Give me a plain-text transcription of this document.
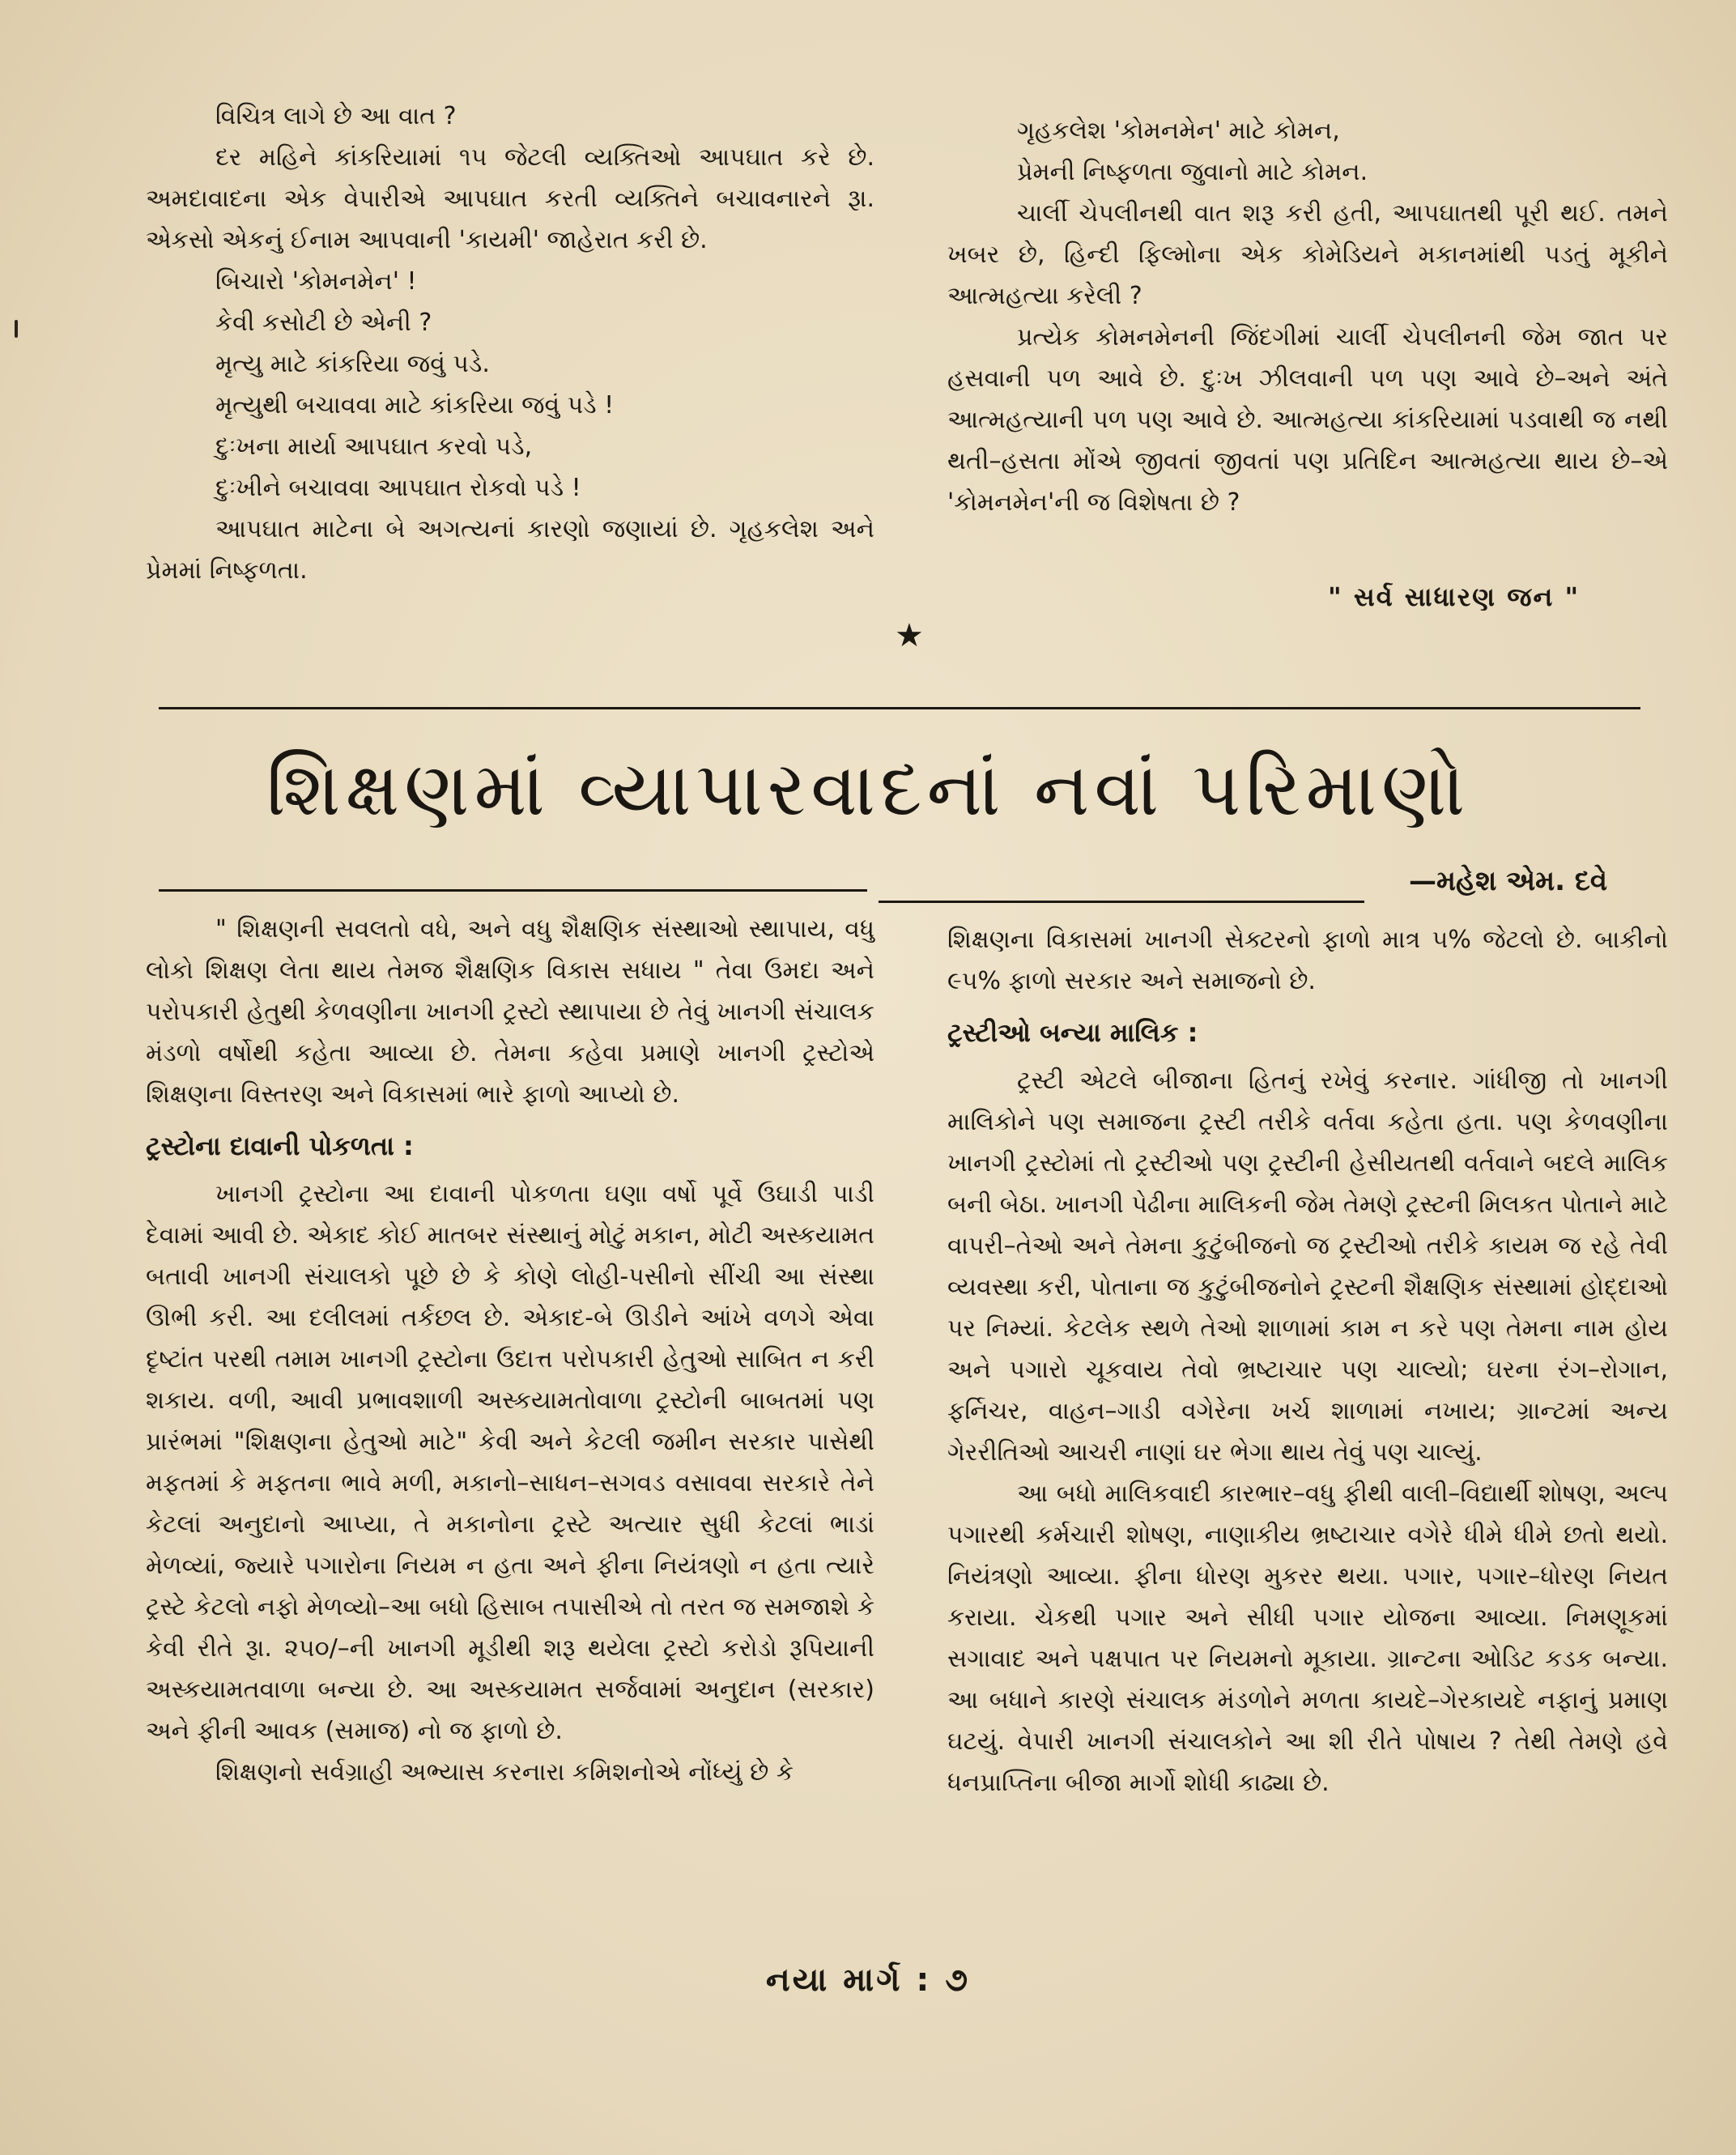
વિચિત્ર લાગે છે આ વાત ?

દર મહિને કાંકરિયામાં ૧૫ જેટલી વ્યક્તિઓ આપઘાત કરે છે. અમદાવાદના એક વેપારીએ આપઘાત કરતી વ્યક્તિને બચાવનારને રૂા. એકસો એકનું ઈનામ આપવાની 'કાયમી' જાહેરાત કરી છે.

બિચારો 'કોમનમેન' !

કેવી કસોટી છે એની ?

મૃત્યુ માટે કાંકરિયા જવું પડે.

મૃત્યુથી બચાવવા માટે કાંકરિયા જવું પડે !

દુઃખના માર્યા આપઘાત કરવો પડે,

દુઃખીને બચાવવા આપઘાત રોકવો પડે !

આપઘાત માટેના બે અગત્યનાં કારણો જણાયાં છે. ગૃહકલેશ અને પ્રેમમાં નિષ્ફળતા.

ગૃહકલેશ 'કોમનમેન' માટે કોમન,

પ્રેમની નિષ્ફળતા જુવાનો માટે કોમન.

ચાર્લી ચેપલીનથી વાત શરૂ કરી હતી, આપઘાતથી પૂરી થઈ. તમને ખબર છે, હિન્દી ફિલ્મોના એક કોમેડિયને મકાનમાંથી પડતું મૂકીને આત્મહત્યા કરેલી ?

પ્રત્યેક કોમનમેનની જિંદગીમાં ચાર્લી ચેપલીનની જેમ જાત પર હસવાની પળ આવે છે. દુઃખ ઝીલવાની પળ પણ આવે છે–અને અંતે આત્મહત્યાની પળ પણ આવે છે. આત્મહત્યા કાંકરિયામાં પડવાથી જ નથી થતી–હસતા મોંએ જીવતાં જીવતાં પણ પ્રતિદિન આત્મહત્યા થાય છે–એ 'કોમનમેન'ની જ વિશેષતા છે ?

" સર્વ સાધારણ જન "
★
શિક્ષણમાં વ્યાપારવાદનાં નવાં પરિમાણો
—મહેશ એમ. દવે

" શિક્ષણની સવલતો વધે, અને વધુ શૈક્ષણિક સંસ્થાઓ સ્થાપાય, વધુ લોકો શિક્ષણ લેતા થાય તેમજ શૈક્ષણિક વિકાસ સધાય " તેવા ઉમદા અને પરોપકારી હેતુથી કેળવણીના ખાનગી ટ્રસ્ટો સ્થાપાયા છે તેવું ખાનગી સંચાલક મંડળો વર્ષોથી કહેતા આવ્યા છે. તેમના કહેવા પ્રમાણે ખાનગી ટ્રસ્ટોએ શિક્ષણના વિસ્તરણ અને વિકાસમાં ભારે ફાળો આપ્યો છે.

ટ્રસ્ટોના દાવાની પોકળતા :

ખાનગી ટ્રસ્ટોના આ દાવાની પોકળતા ઘણા વર્ષો પૂર્વે ઉઘાડી પાડી દેવામાં આવી છે. એકાદ કોઈ માતબર સંસ્થાનું મોટું મકાન, મોટી અસ્કયામત બતાવી ખાનગી સંચાલકો પૂછે છે કે કોણે લોહી-પસીનો સીંચી આ સંસ્થા ઊભી કરી. આ દલીલમાં તર્કછલ છે. એકાદ-બે ઊડીને આંખે વળગે એવા દૃષ્ટાંત પરથી તમામ ખાનગી ટ્રસ્ટોના ઉદાત્ત પરોપકારી હેતુઓ સાબિત ન કરી શકાય. વળી, આવી પ્રભાવશાળી અસ્કયામતોવાળા ટ્રસ્ટોની બાબતમાં પણ પ્રારંભમાં "શિક્ષણના હેતુઓ માટે" કેવી અને કેટલી જમીન સરકાર પાસેથી મફતમાં કે મફતના ભાવે મળી, મકાનો–સાધન–સગવડ વસાવવા સરકારે તેને કેટલાં અનુદાનો આપ્યા, તે મકાનોના ટ્રસ્ટે અત્યાર સુધી કેટલાં ભાડાં મેળવ્યાં, જ્યારે પગારોના નિયમ ન હતા અને ફીના નિયંત્રણો ન હતા ત્યારે ટ્રસ્ટે કેટલો નફો મેળવ્યો–આ બધો હિસાબ તપાસીએ તો તરત જ સમજાશે કે કેવી રીતે રૂા. ૨૫૦/–ની ખાનગી મૂડીથી શરૂ થયેલા ટ્રસ્ટો કરોડો રૂપિયાની અસ્કયામતવાળા બન્યા છે. આ અસ્કયામત સર્જવામાં અનુદાન (સરકાર) અને ફીની આવક (સમાજ) નો જ ફાળો છે.

શિક્ષણનો સર્વગ્રાહી અભ્યાસ કરનારા કમિશનોએ નોંધ્યું છે કે

શિક્ષણના વિકાસમાં ખાનગી સેક્ટરનો ફાળો માત્ર ૫% જેટલો છે. બાકીનો ૯૫% ફાળો સરકાર અને સમાજનો છે.

ટ્રસ્ટીઓ બન્યા માલિક :

ટ્રસ્ટી એટલે બીજાના હિતનું રખેવું કરનાર. ગાંધીજી તો ખાનગી માલિકોને પણ સમાજના ટ્રસ્ટી તરીકે વર્તવા કહેતા હતા. પણ કેળવણીના ખાનગી ટ્રસ્ટોમાં તો ટ્રસ્ટીઓ પણ ટ્રસ્ટીની હેસીયતથી વર્તવાને બદલે માલિક બની બેઠા. ખાનગી પેઢીના માલિકની જેમ તેમણે ટ્રસ્ટની મિલકત પોતાને માટે વાપરી–તેઓ અને તેમના કુટુંબીજનો જ ટ્રસ્ટીઓ તરીકે કાયમ જ રહે તેવી વ્યવસ્થા કરી, પોતાના જ કુટુંબીજનોને ટ્રસ્ટની શૈક્ષણિક સંસ્થામાં હોદ્દાઓ પર નિમ્યાં. કેટલેક સ્થળે તેઓ શાળામાં કામ ન કરે પણ તેમના નામ હોય અને પગારો ચૂકવાય તેવો ભ્રષ્ટાચાર પણ ચાલ્યો; ઘરના રંગ–રોગાન, ફર્નિચર, વાહન–ગાડી વગેરેના ખર્ચ શાળામાં નખાય; ગ્રાન્ટમાં અન્ય ગેરરીતિઓ આચરી નાણાં ઘર ભેગા થાય તેવું પણ ચાલ્યું.

આ બધો માલિકવાદી કારભાર–વધુ ફીથી વાલી–વિદ્યાર્થી શોષણ, અલ્પ પગારથી કર્મચારી શોષણ, નાણાકીય ભ્રષ્ટાચાર વગેરે ધીમે ધીમે છતો થયો. નિયંત્રણો આવ્યા. ફીના ધોરણ મુકરર થયા. પગાર, પગાર–ધોરણ નિયત કરાયા. ચેકથી પગાર અને સીધી પગાર યોજના આવ્યા. નિમણૂકમાં સગાવાદ અને પક્ષપાત પર નિયમનો મૂકાયા. ગ્રાન્ટના ઓડિટ કડક બન્યા. આ બધાને કારણે સંચાલક મંડળોને મળતા કાયદે–ગેરકાયદે નફાનું પ્રમાણ ઘટયું. વેપારી ખાનગી સંચાલકોને આ શી રીતે પોષાય ? તેથી તેમણે હવે ધનપ્રાપ્તિના બીજા માર્ગો શોધી કાઢ્યા છે.

નયા માર્ગ : ૭
